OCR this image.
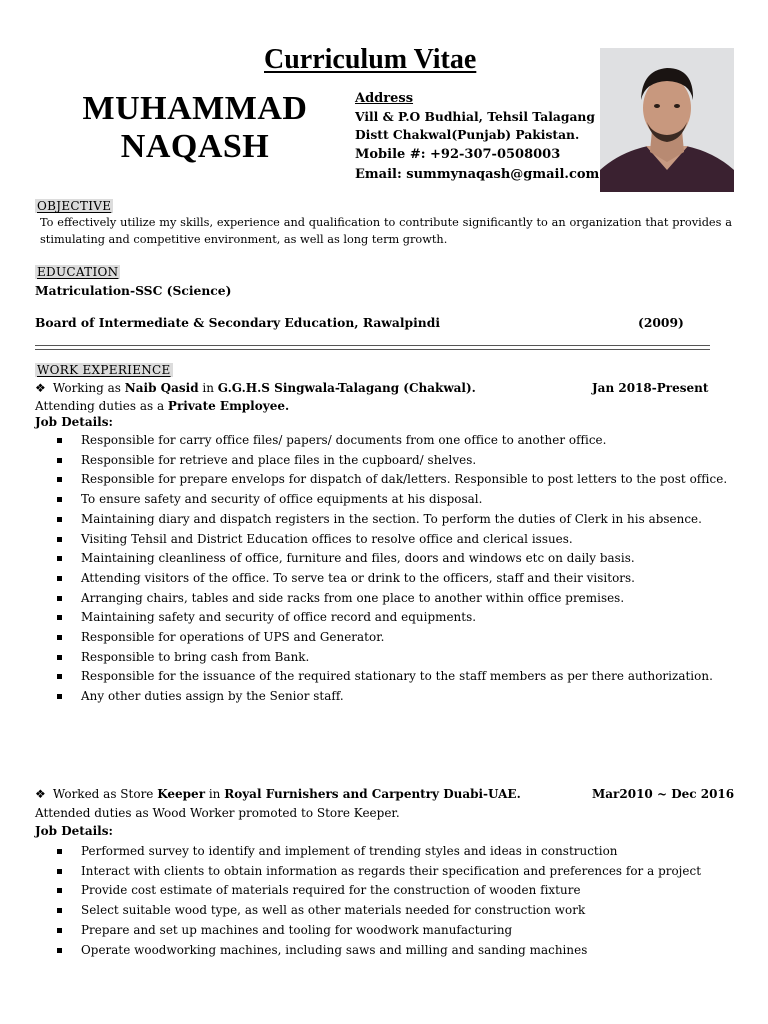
Curriculum Vitae
MUHAMMAD
NAQASH
Address
Vill & P.O Budhial, Tehsil Talagang
Distt Chakwal(Punjab) Pakistan.
Mobile #: +92-307-0508003
Email: summynaqash@gmail.com
OBJECTIVE
To effectively utilize my skills, experience and qualification to contribute significantly to an organization that provides a stimulating and competitive environment, as well as long term growth.
EDUCATION
Matriculation-SSC (Science)
Board of Intermediate & Secondary Education, Rawalpindi	(2009)
WORK EXPERIENCE
❖ Working as Naib Qasid in G.G.H.S Singwala-Talagang (Chakwal).	Jan 2018-Present
Attending duties as a Private Employee.
Job Details:
Responsible for carry office files/ papers/ documents from one office to another office.
Responsible for retrieve and place files in the cupboard/ shelves.
Responsible for prepare envelops for dispatch of dak/letters. Responsible to post letters to the post office.
To ensure safety and security of office equipments at his disposal.
Maintaining diary and dispatch registers in the section. To perform the duties of Clerk in his absence.
Visiting Tehsil and District Education offices to resolve office and clerical issues.
Maintaining cleanliness of office, furniture and files, doors and windows etc on daily basis.
Attending visitors of the office. To serve tea or drink to the officers, staff and their visitors.
Arranging chairs, tables and side racks from one place to another within office premises.
Maintaining safety and security of office record and equipments.
Responsible for operations of UPS and Generator.
Responsible to bring cash from Bank.
Responsible for the issuance of the required stationary to the staff members as per there authorization.
Any other duties assign by the Senior staff.
❖ Worked as Store Keeper in Royal Furnishers and Carpentry Duabi-UAE.	Mar2010 ~ Dec 2016
Attended duties as Wood Worker promoted to Store Keeper.
Job Details:
Performed survey to identify and implement of trending styles and ideas in construction
Interact with clients to obtain information as regards their specification and preferences for a project
Provide cost estimate of materials required for the construction of wooden fixture
Select suitable wood type, as well as other materials needed for construction work
Prepare and set up machines and tooling for woodwork manufacturing
Operate woodworking machines, including saws and milling and sanding machines
